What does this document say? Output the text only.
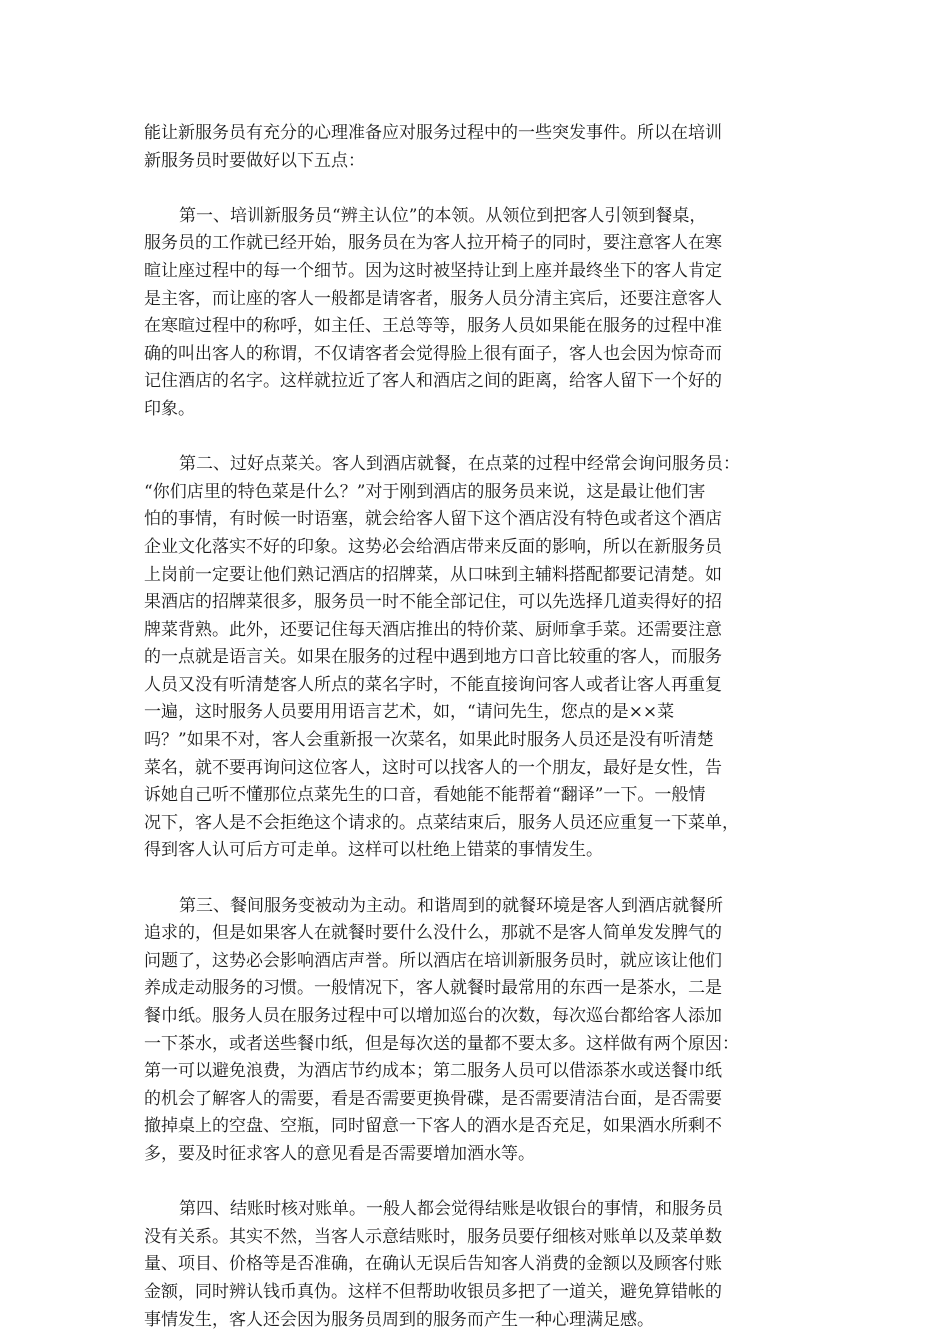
能让新服务员有充分的心理准备应对服务过程中的一些突发事件。所以在培训
新服务员时要做好以下五点：
第一、培训新服务员“辨主认位”的本领。从领位到把客人引领到餐桌，
服务员的工作就已经开始，服务员在为客人拉开椅子的同时，要注意客人在寒
暄让座过程中的每一个细节。因为这时被坚持让到上座并最终坐下的客人肯定
是主客，而让座的客人一般都是请客者，服务人员分清主宾后，还要注意客人
在寒暄过程中的称呼，如主任、王总等等，服务人员如果能在服务的过程中准
确的叫出客人的称谓，不仅请客者会觉得脸上很有面子，客人也会因为惊奇而
记住酒店的名字。这样就拉近了客人和酒店之间的距离，给客人留下一个好的
印象。
第二、过好点菜关。客人到酒店就餐，在点菜的过程中经常会询问服务员：
“你们店里的特色菜是什么？”对于刚到酒店的服务员来说，这是最让他们害
怕的事情，有时候一时语塞，就会给客人留下这个酒店没有特色或者这个酒店
企业文化落实不好的印象。这势必会给酒店带来反面的影响，所以在新服务员
上岗前一定要让他们熟记酒店的招牌菜，从口味到主辅料搭配都要记清楚。如
果酒店的招牌菜很多，服务员一时不能全部记住，可以先选择几道卖得好的招
牌菜背熟。此外，还要记住每天酒店推出的特价菜、厨师拿手菜。还需要注意
的一点就是语言关。如果在服务的过程中遇到地方口音比较重的客人，而服务
人员又没有听清楚客人所点的菜名字时，不能直接询问客人或者让客人再重复
一遍，这时服务人员要用用语言艺术，如，“请问先生，您点的是××菜
吗？”如果不对，客人会重新报一次菜名，如果此时服务人员还是没有听清楚
菜名，就不要再询问这位客人，这时可以找客人的一个朋友，最好是女性，告
诉她自己听不懂那位点菜先生的口音，看她能不能帮着“翻译”一下。一般情
况下，客人是不会拒绝这个请求的。点菜结束后，服务人员还应重复一下菜单，
得到客人认可后方可走单。这样可以杜绝上错菜的事情发生。
第三、餐间服务变被动为主动。和谐周到的就餐环境是客人到酒店就餐所
追求的，但是如果客人在就餐时要什么没什么，那就不是客人简单发发脾气的
问题了，这势必会影响酒店声誉。所以酒店在培训新服务员时，就应该让他们
养成走动服务的习惯。一般情况下，客人就餐时最常用的东西一是茶水，二是
餐巾纸。服务人员在服务过程中可以增加巡台的次数，每次巡台都给客人添加
一下茶水，或者送些餐巾纸，但是每次送的量都不要太多。这样做有两个原因：
第一可以避免浪费，为酒店节约成本；第二服务人员可以借添茶水或送餐巾纸
的机会了解客人的需要，看是否需要更换骨碟，是否需要清洁台面，是否需要
撤掉桌上的空盘、空瓶，同时留意一下客人的酒水是否充足，如果酒水所剩不
多，要及时征求客人的意见看是否需要增加酒水等。
第四、结账时核对账单。一般人都会觉得结账是收银台的事情，和服务员
没有关系。其实不然，当客人示意结账时，服务员要仔细核对账单以及菜单数
量、项目、价格等是否准确，在确认无误后告知客人消费的金额以及顾客付账
金额，同时辨认钱币真伪。这样不但帮助收银员多把了一道关，避免算错帐的
事情发生，客人还会因为服务员周到的服务而产生一种心理满足感。
